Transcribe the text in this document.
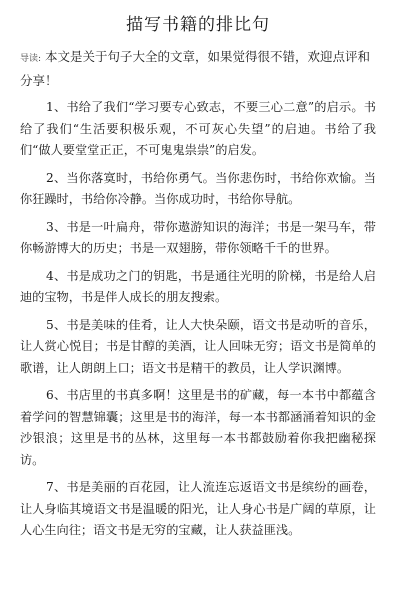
描写书籍的排比句

导读: 本文是关于句子大全的文章，如果觉得很不错，欢迎点评和分享！

1、书给了我们“学习要专心致志，不要三心二意”的启示。书给了我们“生活要积极乐观，不可灰心失望”的启迪。书给了我们“做人要堂堂正正，不可鬼鬼祟祟”的启发。

2、当你落寞时，书给你勇气。当你悲伤时，书给你欢愉。当你狂躁时，书给你冷静。当你成功时，书给你导航。

3、书是一叶扁舟，带你遨游知识的海洋；书是一架马车，带你畅游博大的历史；书是一双翅膀，带你领略千千的世界。

4、书是成功之门的钥匙，书是通往光明的阶梯，书是给人启迪的宝物，书是伴人成长的朋友搜索。

5、书是美味的佳肴，让人大快朵颐，语文书是动听的音乐，让人赏心悦目；书是甘醇的美酒，让人回味无穷；语文书是简单的歌谱，让人朗朗上口；语文书是精干的教员，让人学识渊博。

6、书店里的书真多啊！这里是书的矿藏，每一本书中都蕴含着学问的智慧锦囊；这里是书的海洋，每一本书都涵涌着知识的金沙银浪；这里是书的丛林，这里每一本书都鼓励着你我把幽秘探访。

7、书是美丽的百花园，让人流连忘返语文书是缤纷的画卷，让人身临其境语文书是温暖的阳光，让人身心书是广阔的草原，让人心生向往；语文书是无穷的宝藏，让人获益匪浅。
